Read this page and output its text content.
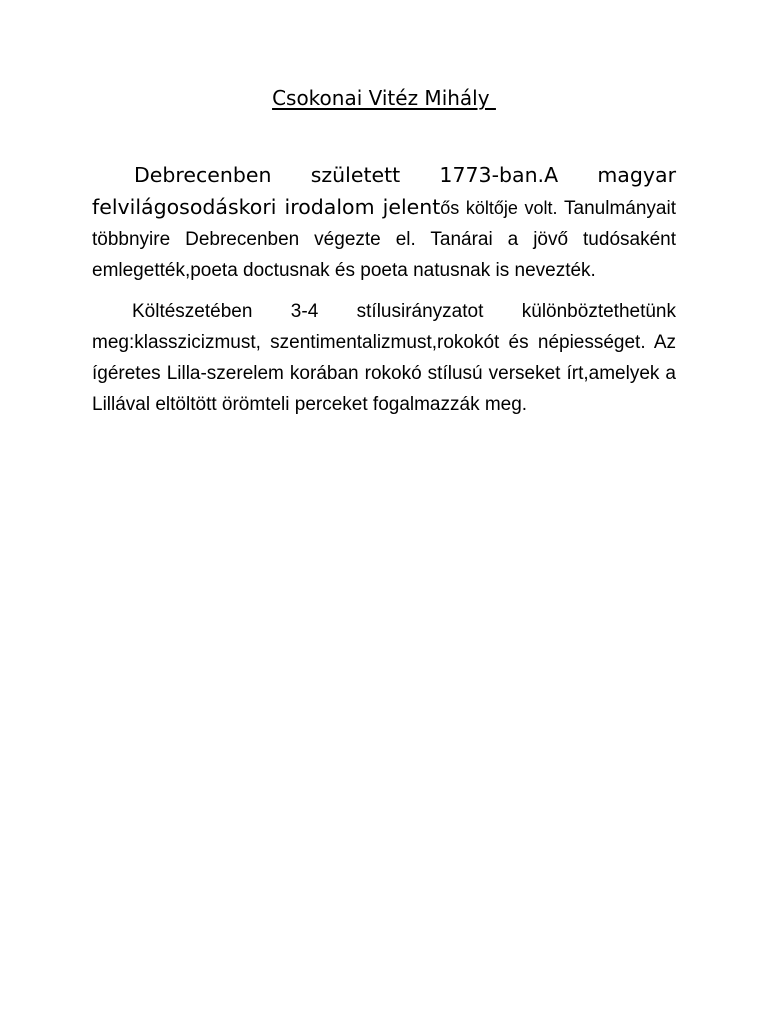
Csokonai Vitéz Mihály

Debrecenben született 1773-ban.A magyar felvilágosodáskori irodalom jelentős költője volt. Tanulmányait többnyire Debrecenben végezte el. Tanárai a jövő tudósaként emlegették,poeta doctusnak és poeta natusnak is nevezték.

Költészetében 3-4 stílusirányzatot különböztethetünk meg:klasszicizmust, szentimentalizmust,rokokót és népiességet. Az ígéretes Lilla-szerelem korában rokokó stílusú verseket írt,amelyek a Lillával eltöltött örömteli perceket fogalmazzák meg.
